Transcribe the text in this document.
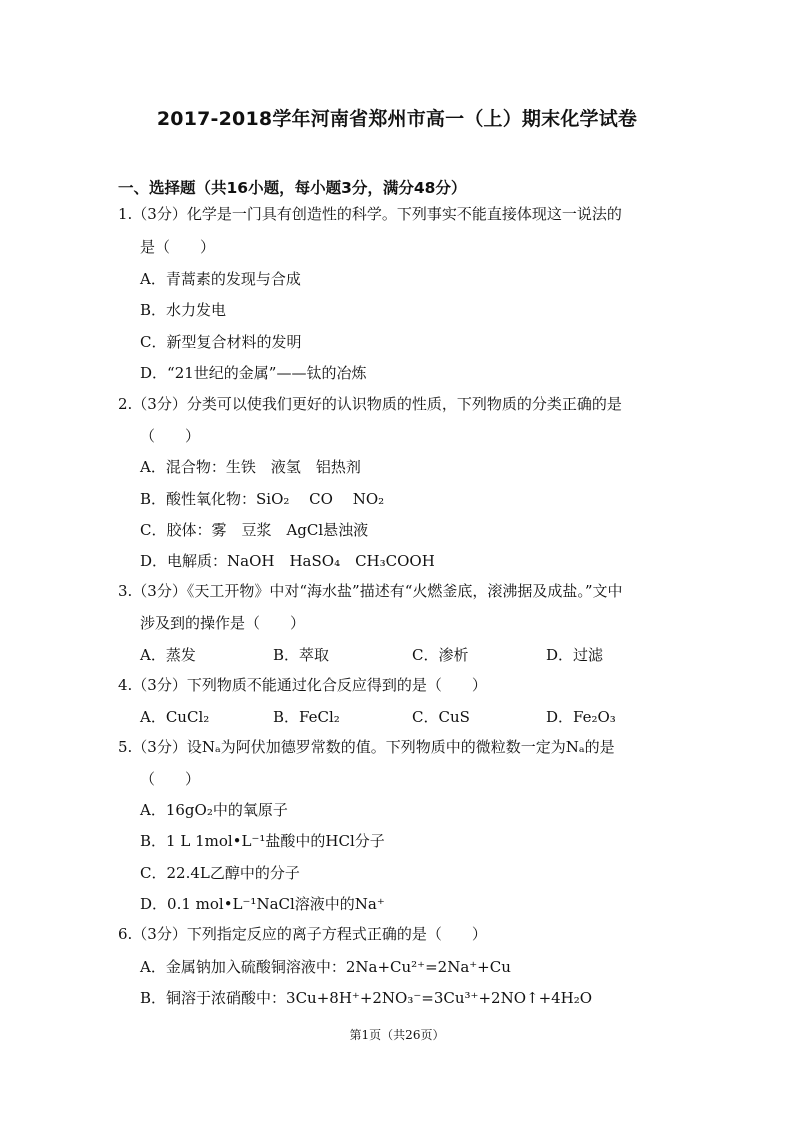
2017-2018学年河南省郑州市高一（上）期末化学试卷
一、选择题（共16小题，每小题3分，满分48分）
1.（3分）化学是一门具有创造性的科学。下列事实不能直接体现这一说法的
是（　　）
A．青蒿素的发现与合成
B．水力发电
C．新型复合材料的发明
D．“21世纪的金属”——钛的冶炼
2.（3分）分类可以使我们更好的认识物质的性质，下列物质的分类正确的是
（　　）
A．混合物：生铁　液氢　铝热剂
B．酸性氧化物：SiO₂　 CO　 NO₂
C．胶体：雾　豆浆　AgCl悬浊液
D．电解质：NaOH　HaSO₄　CH₃COOH
3.（3分）《天工开物》中对“海水盐”描述有“火燃釜底，滚沸据及成盐。”文中
涉及到的操作是（　　）
A．蒸发	B．萃取	C．渗析	D．过滤
4.（3分）下列物质不能通过化合反应得到的是（　　）
A．CuCl₂	B．FeCl₂	C．CuS	D．Fe₂O₃
5.（3分）设Nₐ为阿伏加德罗常数的值。下列物质中的微粒数一定为Nₐ的是
（　　）
A．16gO₂中的氧原子
B．1 L 1mol•L⁻¹盐酸中的HCl分子
C．22.4L乙醇中的分子
D．0.1 mol•L⁻¹NaCl溶液中的Na⁺
6.（3分）下列指定反应的离子方程式正确的是（　　）
A．金属钠加入硫酸铜溶液中：2Na+Cu²⁺=2Na⁺+Cu
B．铜溶于浓硝酸中：3Cu+8H⁺+2NO₃⁻=3Cu³⁺+2NO↑+4H₂O
第1页（共26页）
